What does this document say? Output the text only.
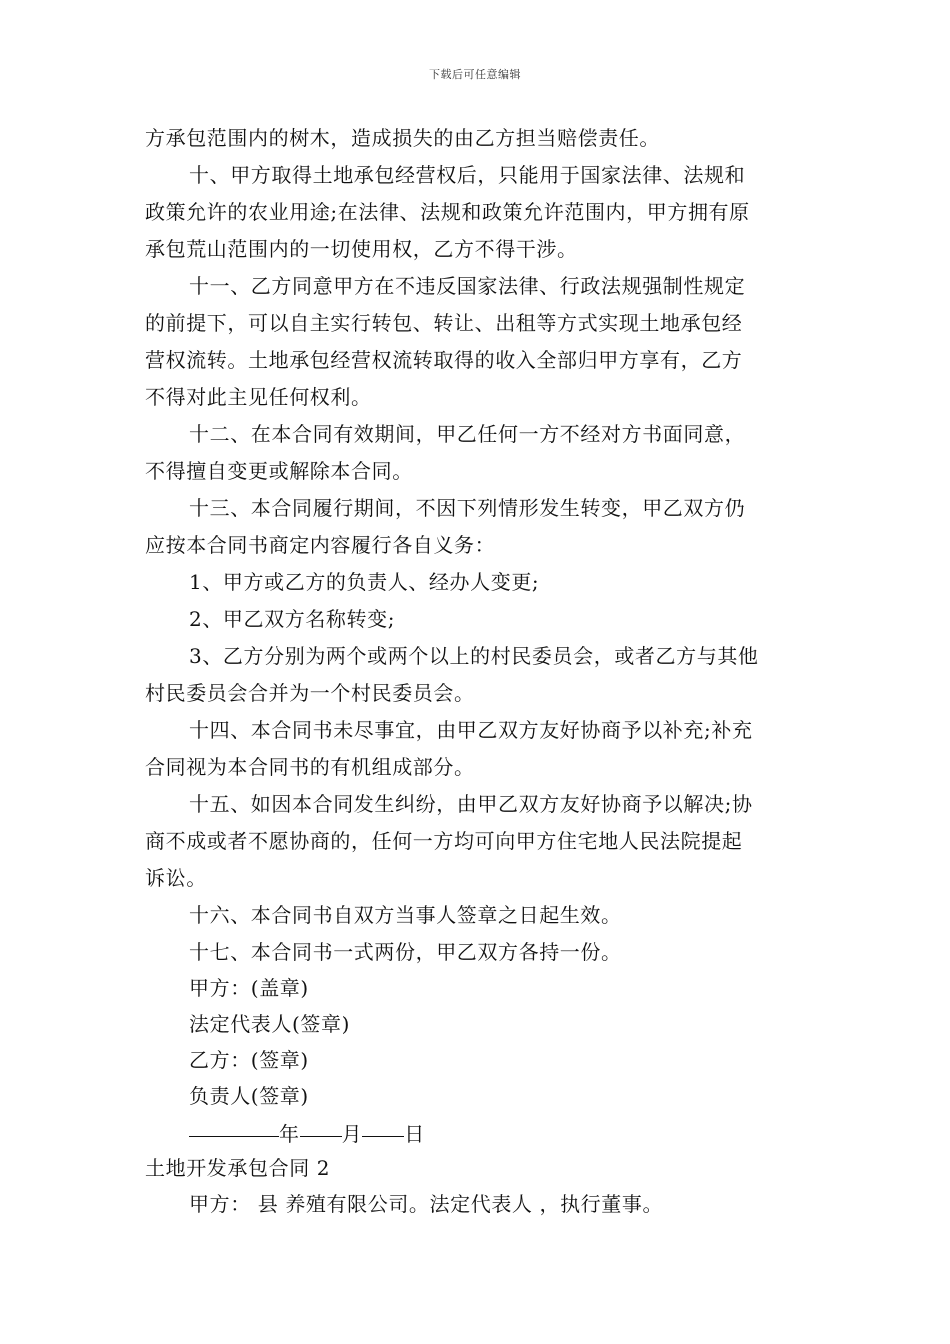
下载后可任意编辑
方承包范围内的树木，造成损失的由乙方担当赔偿责任。
十、甲方取得土地承包经营权后，只能用于国家法律、法规和
政策允许的农业用途;在法律、法规和政策允许范围内，甲方拥有原
承包荒山范围内的一切使用权，乙方不得干涉。
十一、乙方同意甲方在不违反国家法律、行政法规强制性规定
的前提下，可以自主实行转包、转让、出租等方式实现土地承包经
营权流转。土地承包经营权流转取得的收入全部归甲方享有，乙方
不得对此主见任何权利。
十二、在本合同有效期间，甲乙任何一方不经对方书面同意，
不得擅自变更或解除本合同。
十三、本合同履行期间，不因下列情形发生转变，甲乙双方仍
应按本合同书商定内容履行各自义务：
1、甲方或乙方的负责人、经办人变更;
2、甲乙双方名称转变;
3、乙方分别为两个或两个以上的村民委员会，或者乙方与其他
村民委员会合并为一个村民委员会。
十四、本合同书未尽事宜，由甲乙双方友好协商予以补充;补充
合同视为本合同书的有机组成部分。
十五、如因本合同发生纠纷，由甲乙双方友好协商予以解决;协
商不成或者不愿协商的，任何一方均可向甲方住宅地人民法院提起
诉讼。
十六、本合同书自双方当事人签章之日起生效。
十七、本合同书一式两份，甲乙双方各持一份。
甲方：(盖章)
法定代表人(签章)
乙方：(签章)
负责人(签章)
年 月 日
土地开发承包合同 2
甲方： 县 养殖有限公司。法定代表人 ，执行董事。
